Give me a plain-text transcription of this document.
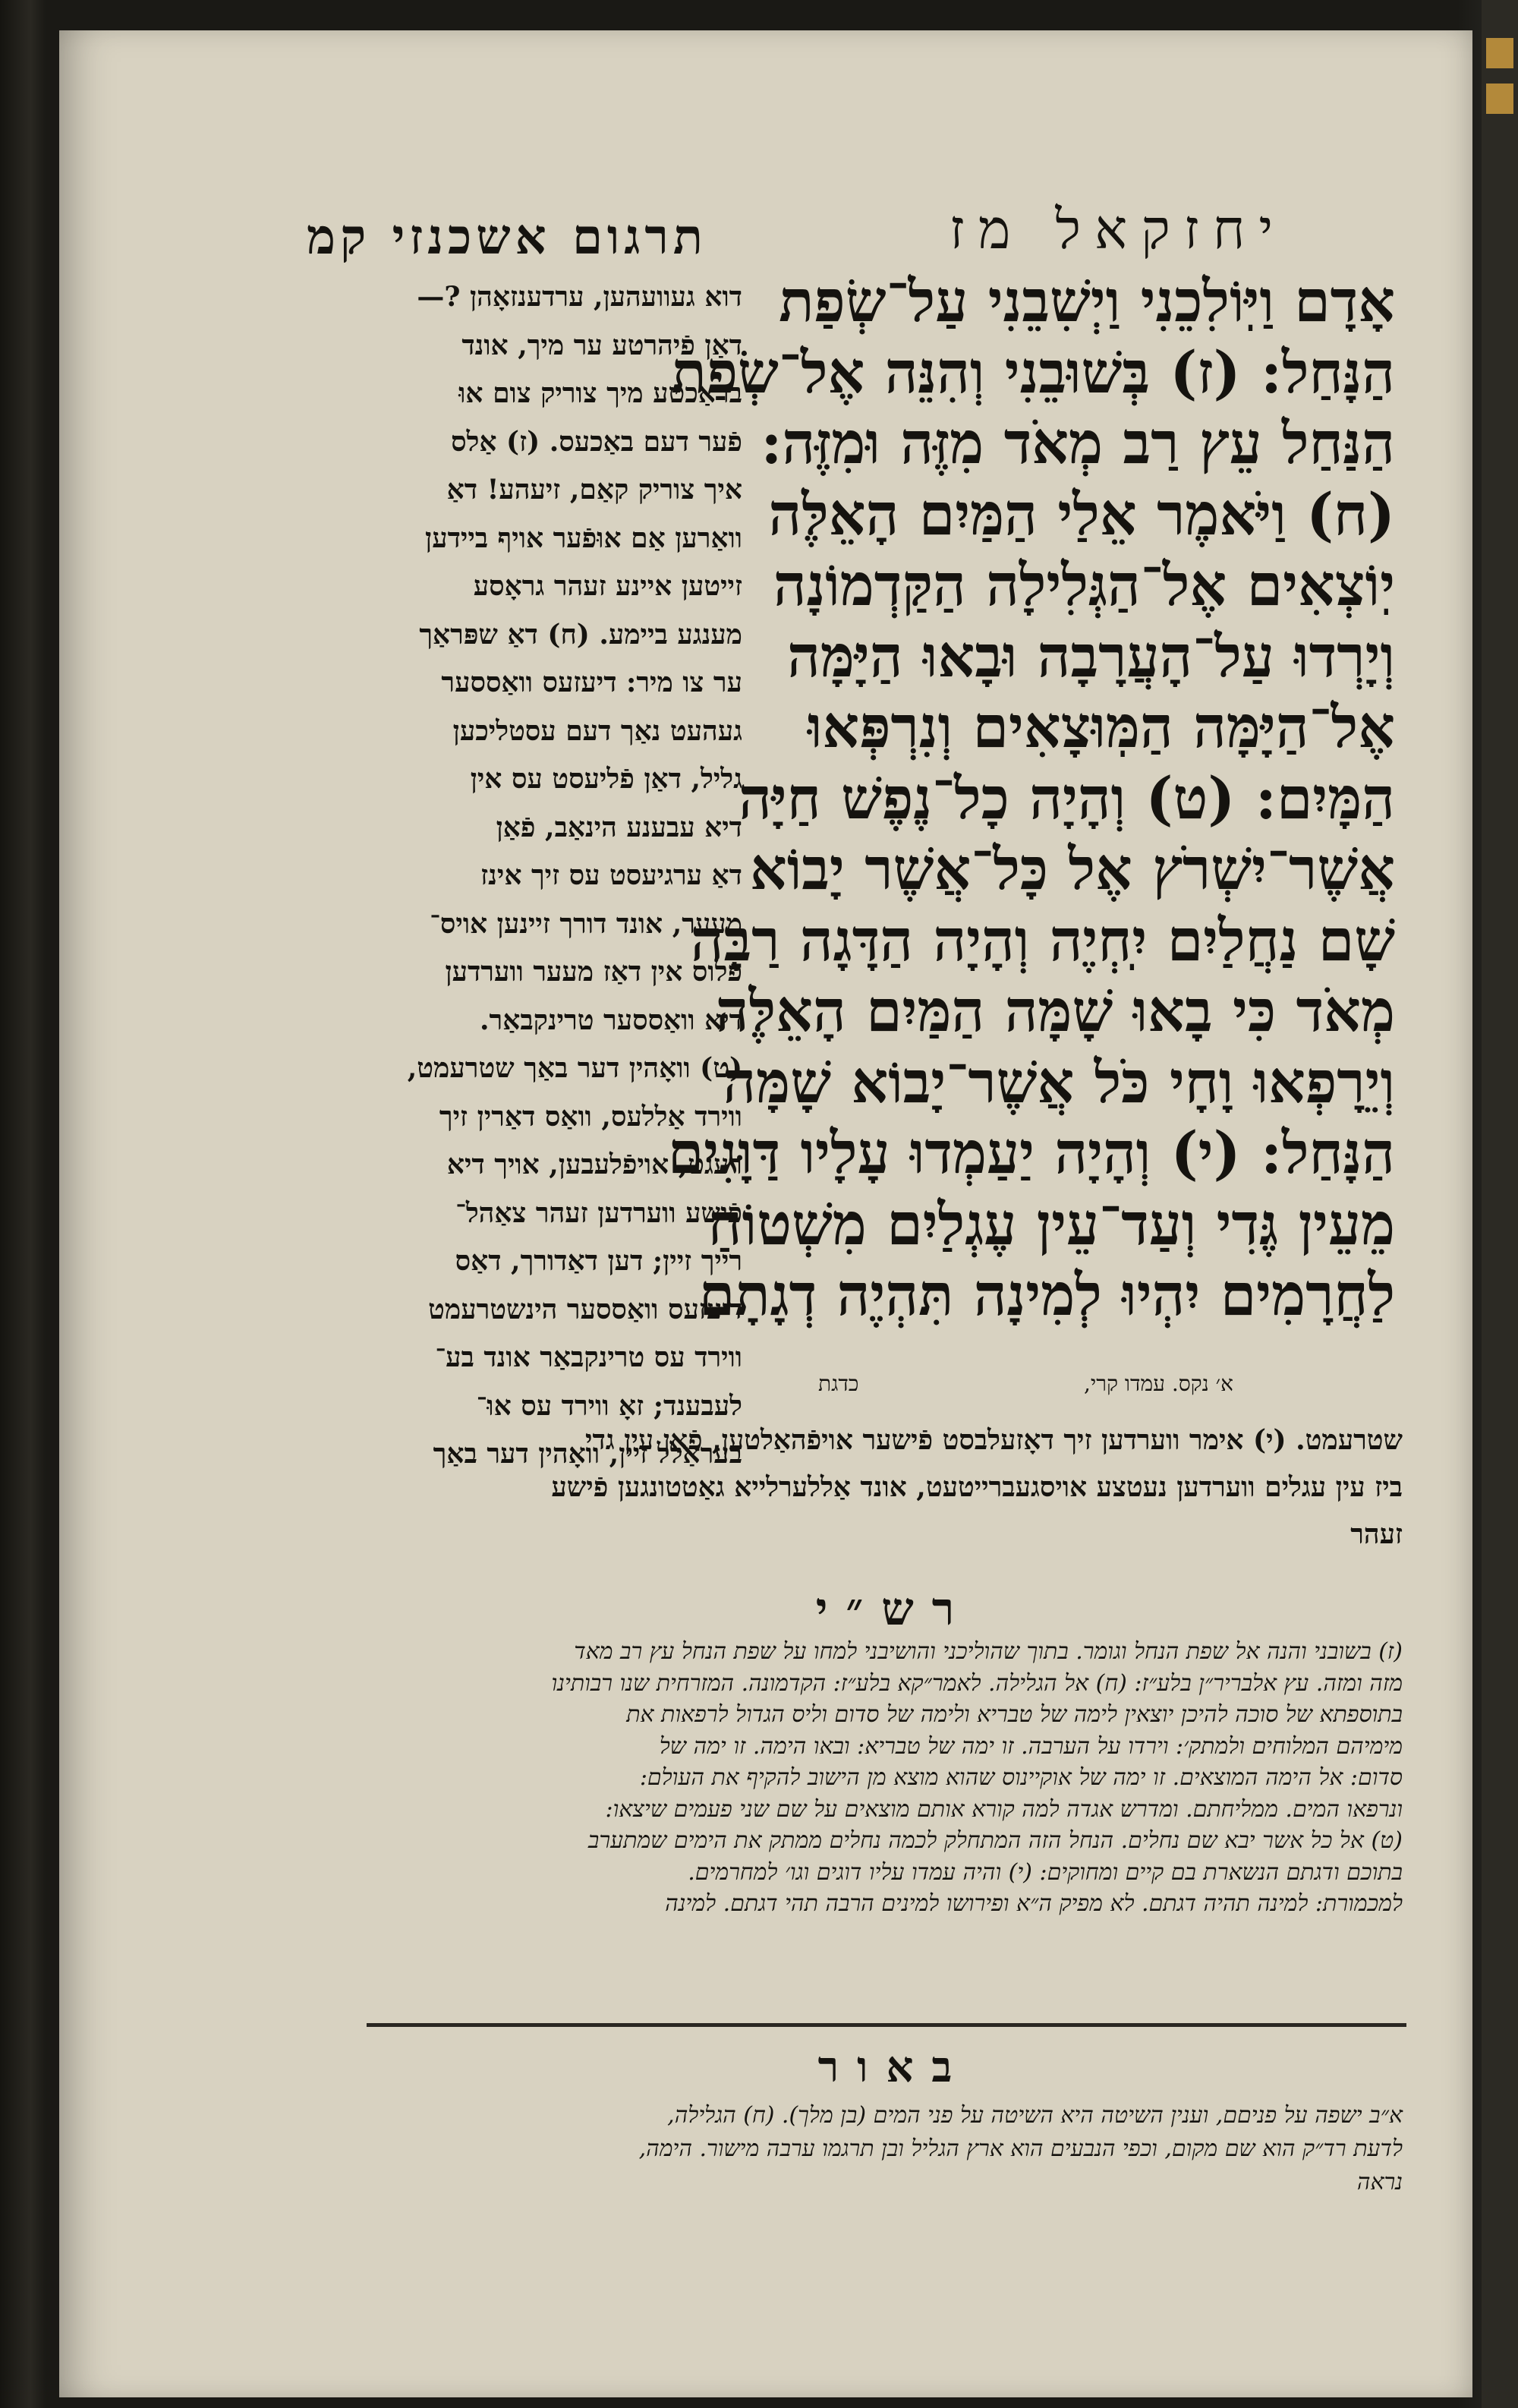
תרגום אשכנזי קמ	יחזקאל מז
דוא געוועהען, ערדענזאָהן ?—
דאַן פֿיהרטע ער מיך, אונד
בראַכטע מיך צוריק צום אוּ
פֿער דעם באַכעס. (ז) אַלס
איך צוריק קאַם, זיעהע! דאַ
וואַרען אַם אוּפֿער אויף ביידען
זייטען איינע זעהר גראָסע
מענגע ביימע. (ח) דאַ שפּראַך
ער צו מיר: דיעזעס וואַססער
געהעט נאַך דעם עסטליכען
גליל, דאַן פֿליעסט עס אין
דיא עבענע הינאַב, פֿאַן
דאַ ערגיעסט עס זיך אינז
מעער, אונד דורך זיינען אויס־
פֿלוס אין דאַז מעער ווערדען
דיא וואַססער טרינקבאַר.
(ט) וואָהין דער באַך שטרעמט,
ווירד אַללעס, וואַס דאַרין זיך
רעגט, אויפֿלעבען, אויך דיא
פֿישע ווערדען זעהר צאַהל־
רייך זיין; דען דאַדורך, דאַס
דיעזעס וואַססער הינשטרעמט
ווירד עס טרינקבאַר אונד בע־
לעבענד; זאָ ווירד עס אוּ־
בעראַלל זיין, וואָהין דער באַך
אָדָם וַיּֽוֹלִכֵנִי וַיְשִׁבֵנִי עַל־שְׂפַת
הַנָּחַל: (ז) בְּשׁוּבֵנִי וְהִנֵּה אֶל־שְׂפַת
הַנַּחַל עֵץ רַב מְאֹד מִזֶּה וּמִזֶּה:
(ח) וַיֹּאמֶר אֵלַי הַמַּיִם הָאֵלֶּה
יֽוֹצְאִים אֶל־הַגְּלִילָה הַקַּדְמוֹנָה
וְיָרְדוּ עַל־הָעֲרָבָה וּבָאוּ הַיָּמָּה
אֶל־הַיָּמָּה הַמּֽוּצָאִים וְנִרְפְּאוּ
הַמָּיִם: (ט) וְהָיָה כָל־נֶפֶשׁ חַיָּה
אֲשֶׁר־יִשְׁרֹץ אֶל כָּל־אֲשֶׁר יָבוֹא
שָׁם נַחֲלַיִם יִֽחְיֶה וְהָיָה הַדָּגָה רַבָּה
מְאֹד כִּי בָאוּ שָׁמָּה הַמַּיִם הָאֵלֶּה
וְיֵרָפְאוּ וָחָי כֹּל אֲשֶׁר־יָבוֹא שָׁמָּה
הַנָּחַל: (י) וְהָיָה יַעַמְדוּ עָלָיו דַּוָּגִים
מֵעֵין גֶּדִי וְעַד־עֵין עֶגְלַיִם מִשְׁטוֹחַ
לַחֲרָמִים יִהְיוּ לְמִינָה תִּהְיֶה דְגָתָם
א׳ נקס. עמדו קרי,
כדגת
שטרעמט. (י) אימר ווערדען זיך דאָזעלבסט פֿישער אויפֿהאַלטען, פֿאַן עין גדי
ביז עין עגלים ווערדען נעטצע אויסגעברייטעט, אונד אַללערלייא גאַטטונגען פֿישע
זעהר
רש״י
(ז) בשובני והנה אל שפת הנחל וגומר. בתוך שהוליכני והושיבני למחו על שפת הנחל עץ רב מאד
מזה ומזה. עץ אלבריר״ן בלע״ז: (ח) אל הגלילה. לאמר״קא בלע״ז: הקדמונה. המזרחית שנו רבותינו
בתוספתא של סוכה להיכן יוצאין לימה של טבריא ולימה של סדום וליס הגדול לרפאות את
מימיהם המלוחים ולמתק׳: וירדו על הערבה. זו ימה של טבריא: ובאו הימה. זו ימה של
סדום: אל הימה המוצאים. זו ימה של אוקיינוס שהוא מוצא מן הישוב להקיף את העולם:
ונרפאו המים. ממליחתם. ומדרש אגדה למה קורא אותם מוצאים על שם שני פעמים שיצאו:
(ט) אל כל אשר יבא שם נחלים. הנחל הזה המתחלק לכמה נחלים ממתק את הימים שמתערב
בתוכם ודגתם הנשארת בם קיים ומחוקים: (י) והיה עמדו עליו דוגים וגו׳ למחרמים.
למכמורת: למינה תהיה דגתם. לא מפיק ה״א ופירושו למינים הרבה תהי דגתם. למינה
באור
א״ב ישפה על פניםם, וענין השיטה היא השיטה על פני המים (בן מלך). (ח) הגלילה,
לדעת רד״ק הוא שם מקום, וכפי הנבעים הוא ארץ הגליל ובן תרגמו ערבה מישור. הימה,
נראה
